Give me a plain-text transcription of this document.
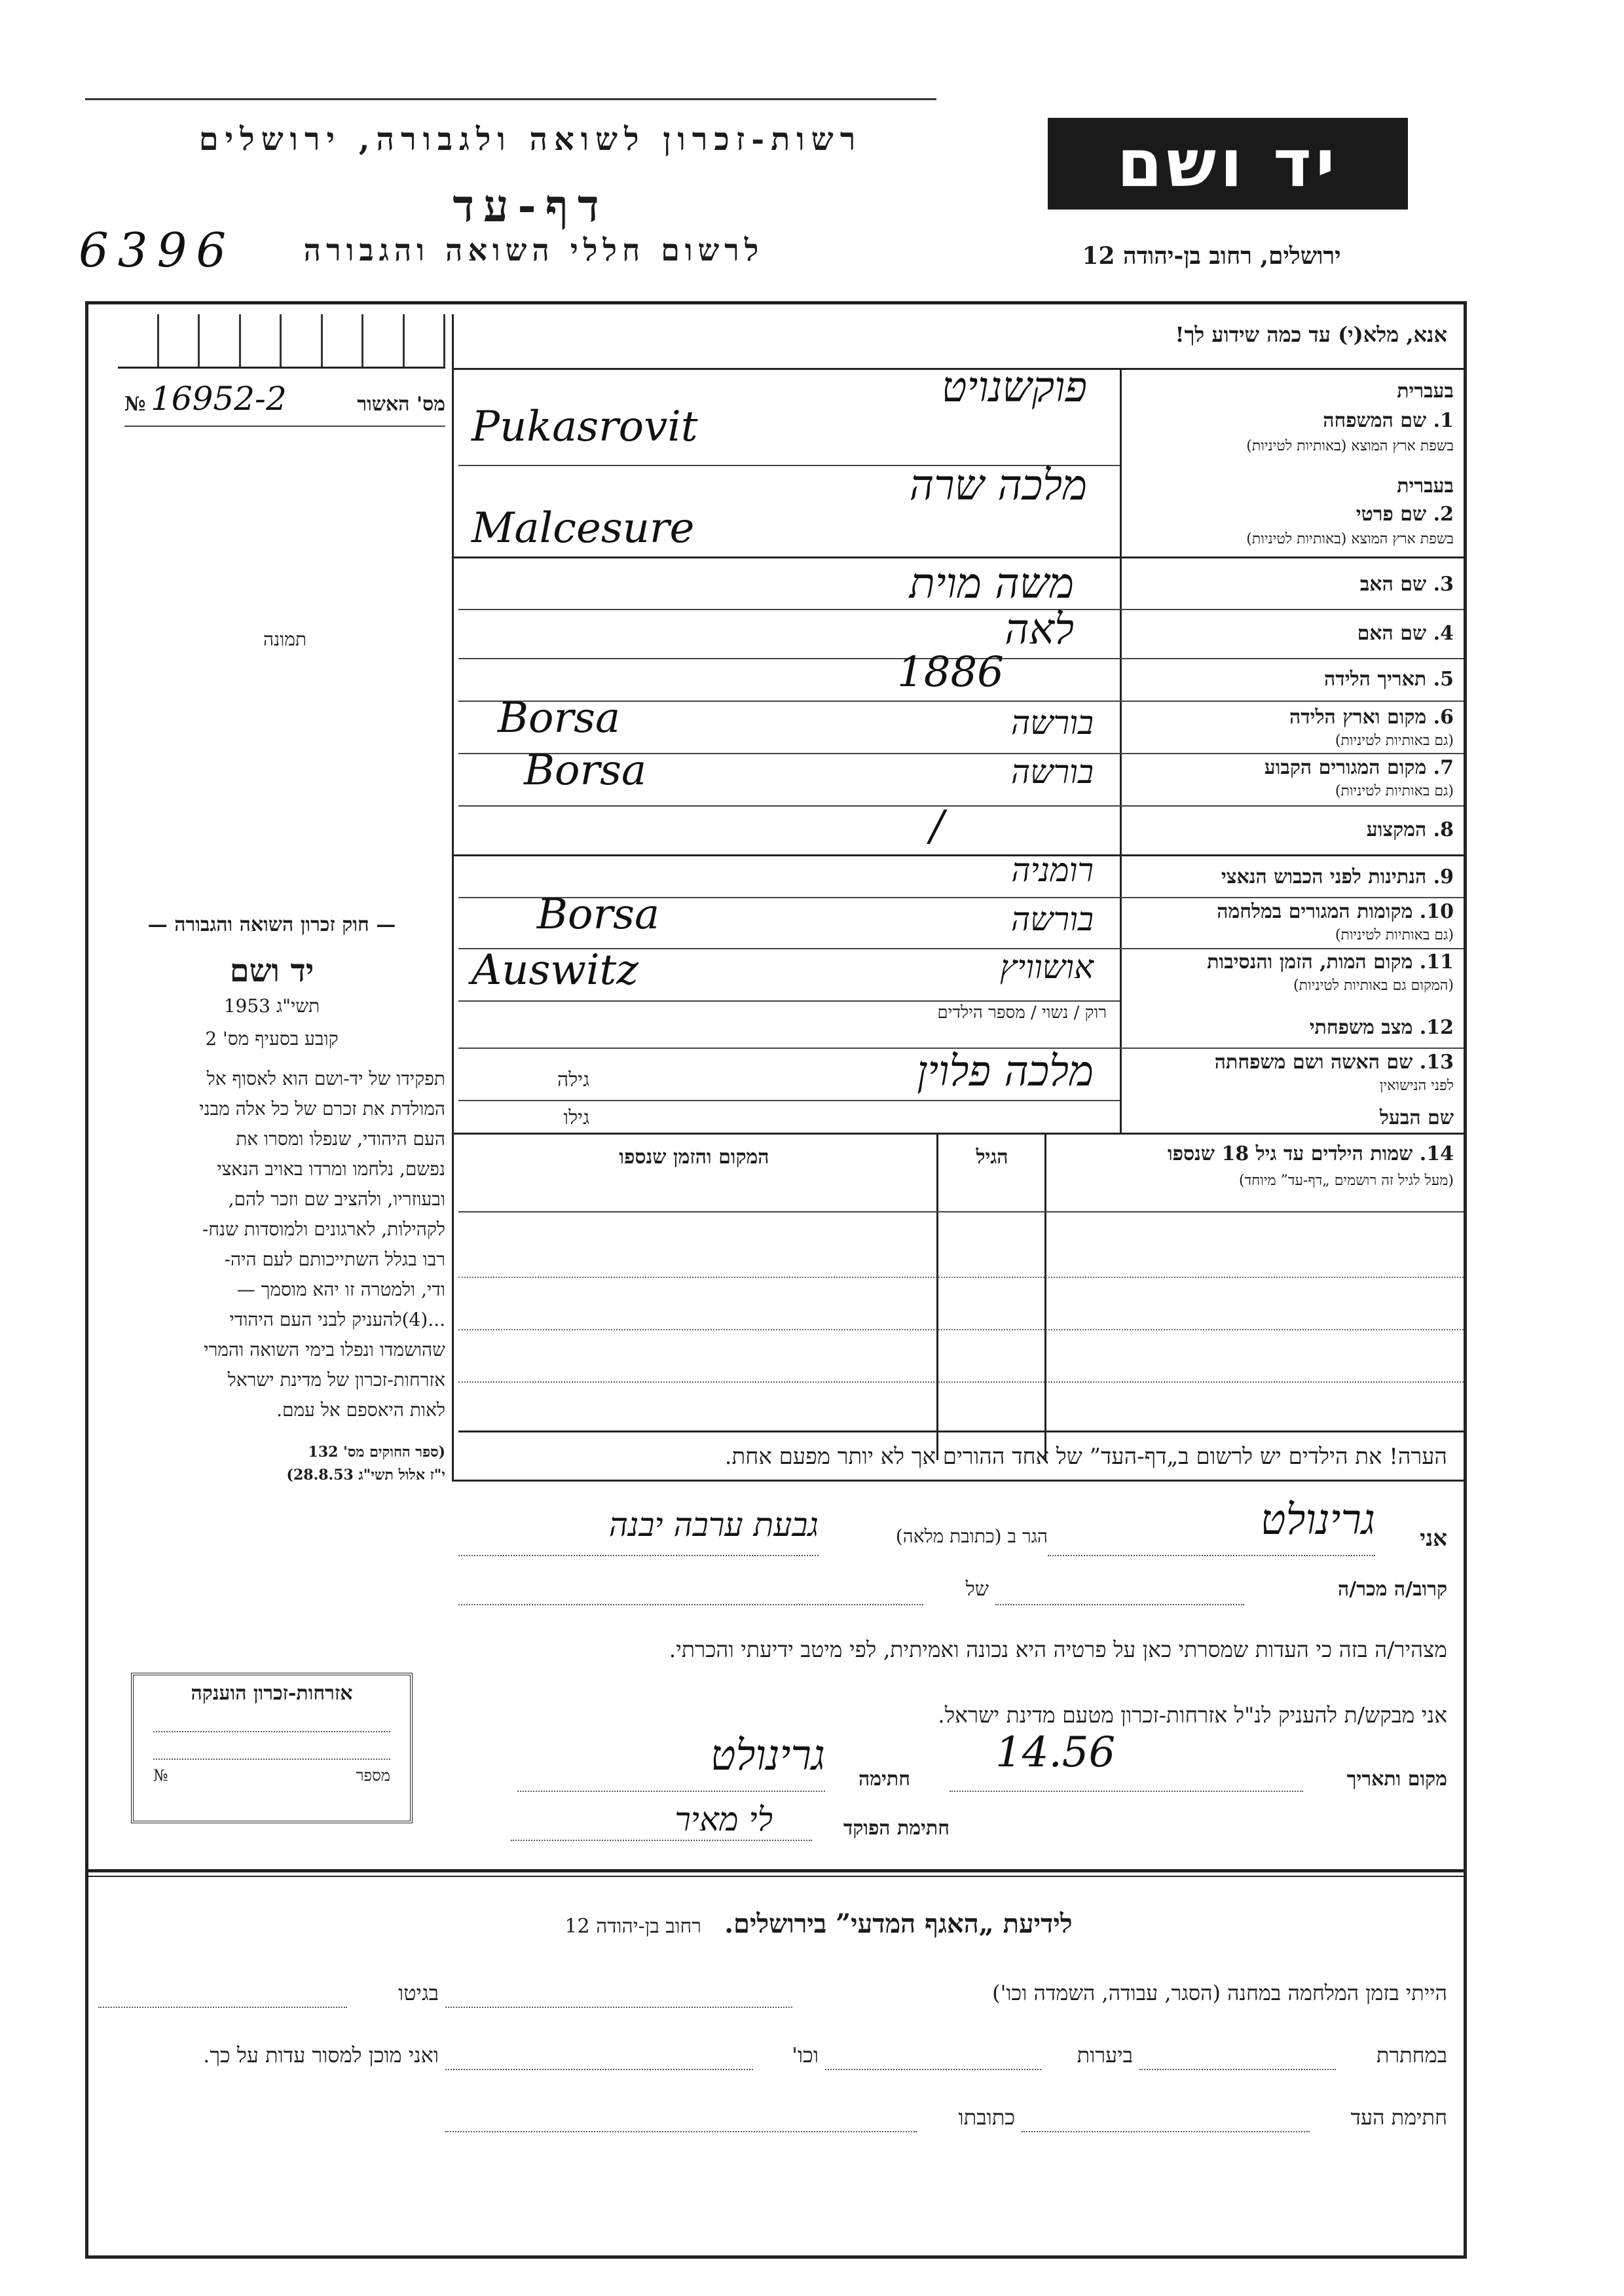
רשות-זכרון לשואה ולגבורה, ירושלים
דף-עד
לרשום חללי השואה והגבורה
6396
יד ושם
ירושלים, רחוב בן-יהודה 12
אנא, מלא(י) עד כמה שידוע לך!
מס' האשור
16952-2
№
תמונה
בעברית
1. שם המשפחה
בשפת ארץ המוצא (באותיות לטיניות)
פוקשנויט
Pukasrovit
בעברית
2. שם פרטי
בשפת ארץ המוצא (באותיות לטיניות)
מלכה שרה
Malcesure
3. שם האב
משה מוית
4. שם האם
לאה
5. תאריך הלידה
1886
6. מקום וארץ הלידה
(גם באותיות לטיניות)
בורשה
Borsa
7. מקום המגורים הקבוע
(גם באותיות לטיניות)
בורשה
Borsa
8. המקצוע
/
9. הנתינות לפני הכבוש הנאצי
רומניה
10. מקומות המגורים במלחמה
(גם באותיות לטיניות)
בורשה
Borsa
11. מקום המות, הזמן והנסיבות
(המקום גם באותיות לטיניות)
אושוויץ
Auswitz
12. מצב משפחתי
רוק / נשוי / מספר הילדים
13. שם האשה ושם משפחתה
לפני הנישואין
מלכה פלוין
גילה
שם הבעל
גילו
14. שמות הילדים עד גיל 18 שנספו
(מעל לגיל זה רושמים „דף-עד” מיוחד)
הגיל
המקום והזמן שנספו
הערה! את הילדים יש לרשום ב„דף-העד” של אחד ההורים אך לא יותר מפעם אחת.
— חוק זכרון השואה והגבורה —
יד ושם
תשי"ג 1953
קובע בסעיף מס' 2
תפקידו של יד-ושם הוא לאסוף אל
המולדת את זכרם של כל אלה מבני
העם היהודי, שנפלו ומסרו את
נפשם, נלחמו ומרדו באויב הנאצי
ובעוזריו, ולהציב שם וזכר להם,
לקהילות, לארגונים ולמוסדות שנח-
רבו בגלל השתייכותם לעם היה-
ודי, ולמטרה זו יהא מוסמך —
...(4)להעניק לבני העם היהודי
שהושמדו ונפלו בימי השואה והמרי
אזרחות-זכרון של מדינת ישראל
לאות היאספם אל עמם.
(ספר החוקים מס' 132
י"ז אלול תשי"ג 28.8.53)
אני
גרינולט
הגר ב (כתובת מלאה)
גבעת ערבה יבנה
קרוב/ה מכר/ה
של
מצהיר/ה בזה כי העדות שמסרתי כאן על פרטיה היא נכונה ואמיתית, לפי מיטב ידיעתי והכרתי.
אני מבקש/ת להעניק לנ"ל אזרחות-זכרון מטעם מדינת ישראל.
מקום ותאריך
14.56
חתימה
גרינולט
חתימת הפוקד
לי מאיר
אזרחות-זכרון הוענקה
מספר
№
לידיעת „האגף המדעי” בירושלים. רחוב בן-יהודה 12
הייתי בזמן המלחמה במחנה (הסגר, עבודה, השמדה וכו')
בגיטו
במחתרת
ביערות
וכו'
ואני מוכן למסור עדות על כך.
חתימת העד
כתובתו
